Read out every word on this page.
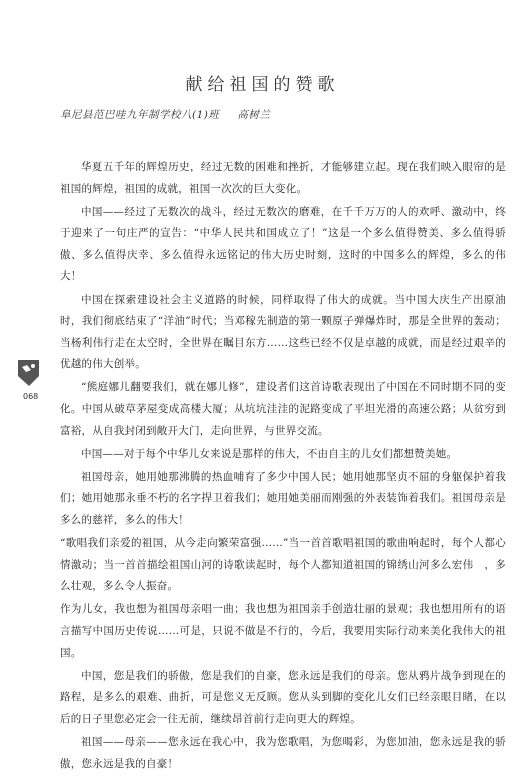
献给祖国的赞歌
阜尼县范巴哇九年制学校八(1)班 高树兰
068

华夏五千年的辉煌历史，经过无数的困难和挫折，才能够建立起。现在我们映入眼帘的是祖国的辉煌，祖国的成就，祖国一次次的巨大变化。

中国——经过了无数次的战斗，经过无数次的磨难，在千千万万的人的欢呼、激动中，终于迎来了一句庄严的宣告：“中华人民共和国成立了！”这是一个多么值得赞美、多么值得骄傲、多么值得庆幸、多么值得永远铭记的伟大历史时刻，这时的中国多么的辉煌，多么的伟大！

中国在探索建设社会主义道路的时候，同样取得了伟大的成就。当中国大庆生产出原油时，我们彻底结束了“洋油”时代；当邓稼先制造的第一颗原子弹爆炸时，那是全世界的轰动；当杨利伟行走在太空时，全世界在瞩目东方……这些已经不仅是卓越的成就，而是经过艰辛的优越的伟大创举。

“熊庭娜儿翻要我们，就在娜儿修”，建设者们这首诗歌表现出了中国在不同时期不同的变化。中国从破草茅屋变成高楼大厦；从坑坑洼洼的泥路变成了平坦光滑的高速公路；从贫穷到富裕，从自我封闭到敞开大门，走向世界，与世界交流。

中国——对于每个中华儿女来说是那样的伟大，不由自主的儿女们都想赞美她。

祖国母亲，她用她那沸腾的热血哺育了多少中国人民；她用她那坚贞不屈的身躯保护着我们；她用她那永垂不朽的名字捍卫着我们；她用她美丽而刚强的外表装饰着我们。祖国母亲是多么的慈祥，多么的伟大！

“歌唱我们亲爱的祖国，从今走向繁荣富强……”当一首首歌唱祖国的歌曲响起时，每个人都心情激动；当一首首描绘祖国山河的诗歌读起时，每个人都知道祖国的锦绣山河多么宏伟　，多么壮观，多么令人振奋。

作为儿女，我也想为祖国母亲唱一曲；我也想为祖国亲手创造壮丽的景观；我也想用所有的语言描写中国历史传说……可是，只说不做是不行的，今后，我要用实际行动来美化我伟大的祖国。

中国，您是我们的骄傲，您是我们的自豪，您永远是我们的母亲。您从鸦片战争到现在的路程，是多么的艰难、曲折，可是您义无反顾。您从头到脚的变化儿女们已经亲眼目睹，在以后的日子里您必定会一往无前，继续昂首前行走向更大的辉煌。

祖国——母亲——您永远在我心中，我为您歌唱，为您喝彩，为您加油，您永远是我的骄傲，您永远是我的自豪！
